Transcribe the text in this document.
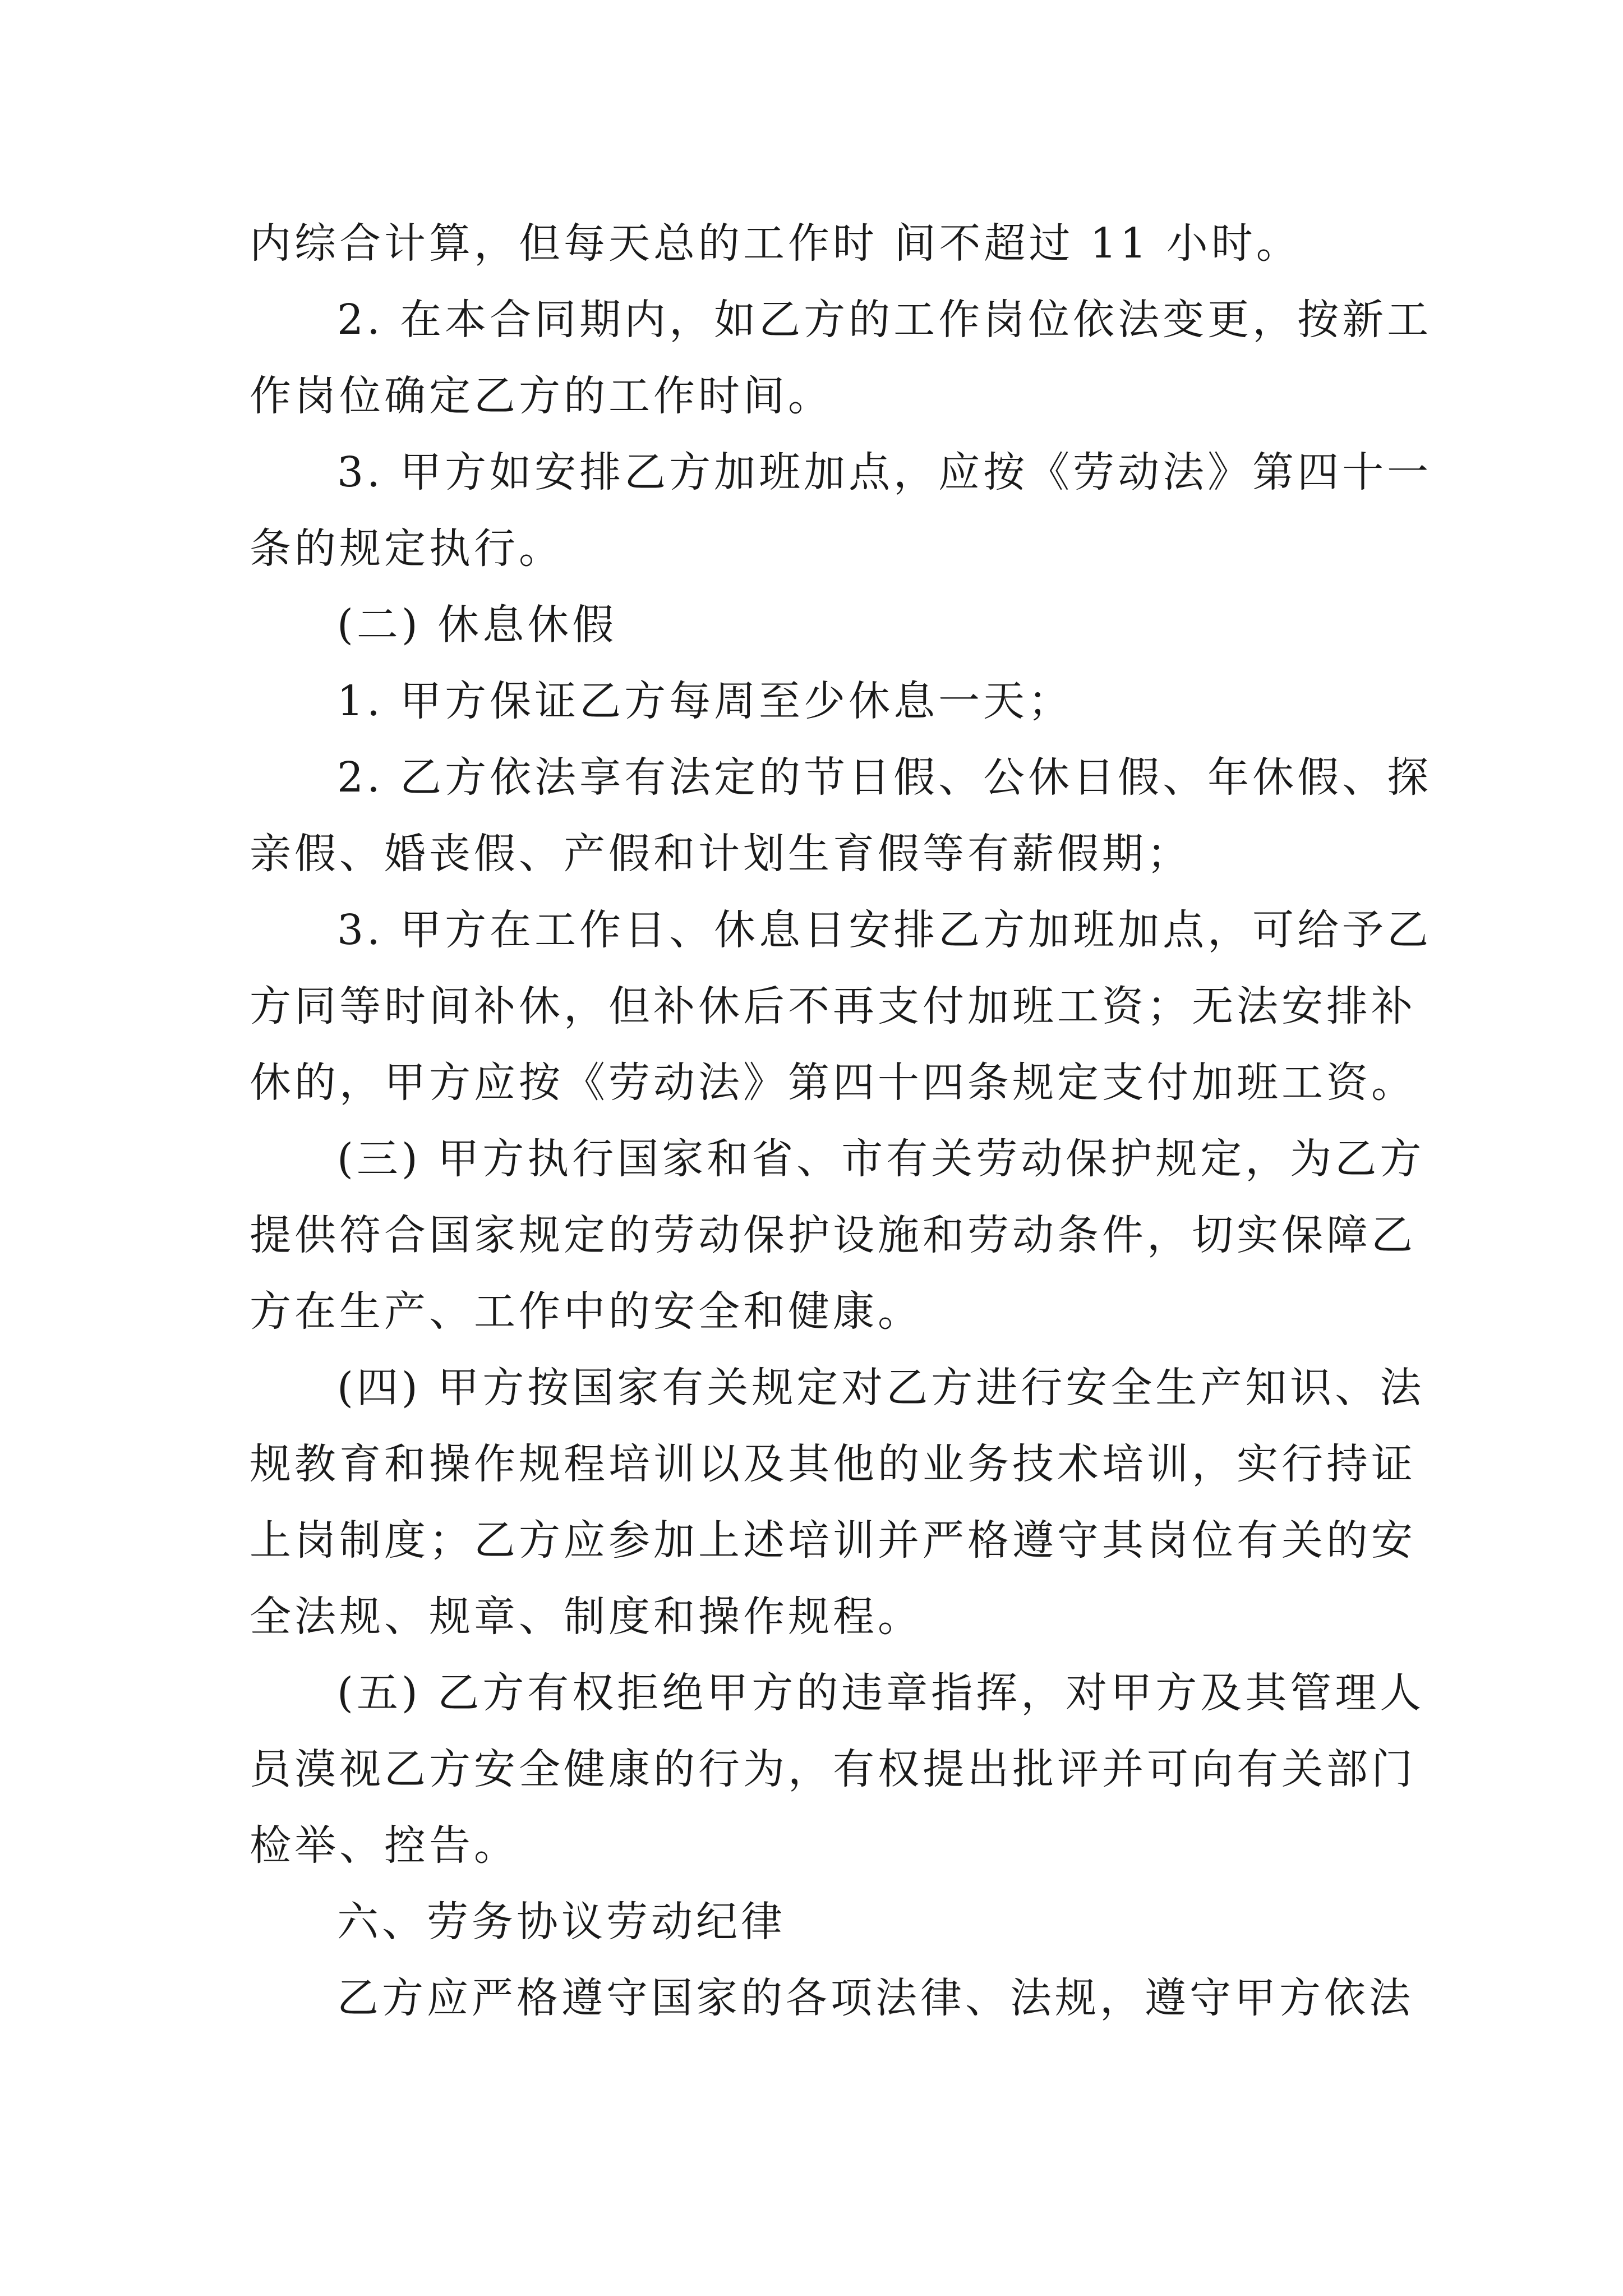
内综合计算，但每天总的工作时 间不超过 11 小时。
2. 在本合同期内，如乙方的工作岗位依法变更，按新工
作岗位确定乙方的工作时间。
3. 甲方如安排乙方加班加点，应按《劳动法》第四十一
条的规定执行。
(二) 休息休假
1. 甲方保证乙方每周至少休息一天；
2. 乙方依法享有法定的节日假、公休日假、年休假、探
亲假、婚丧假、产假和计划生育假等有薪假期；
3. 甲方在工作日、休息日安排乙方加班加点，可给予乙
方同等时间补休，但补休后不再支付加班工资；无法安排补
休的，甲方应按《劳动法》第四十四条规定支付加班工资。
(三) 甲方执行国家和省、市有关劳动保护规定，为乙方
提供符合国家规定的劳动保护设施和劳动条件，切实保障乙
方在生产、工作中的安全和健康。
(四) 甲方按国家有关规定对乙方进行安全生产知识、法
规教育和操作规程培训以及其他的业务技术培训，实行持证
上岗制度；乙方应参加上述培训并严格遵守其岗位有关的安
全法规、规章、制度和操作规程。
(五) 乙方有权拒绝甲方的违章指挥，对甲方及其管理人
员漠视乙方安全健康的行为，有权提出批评并可向有关部门
检举、控告。
六、劳务协议劳动纪律
乙方应严格遵守国家的各项法律、法规，遵守甲方依法
